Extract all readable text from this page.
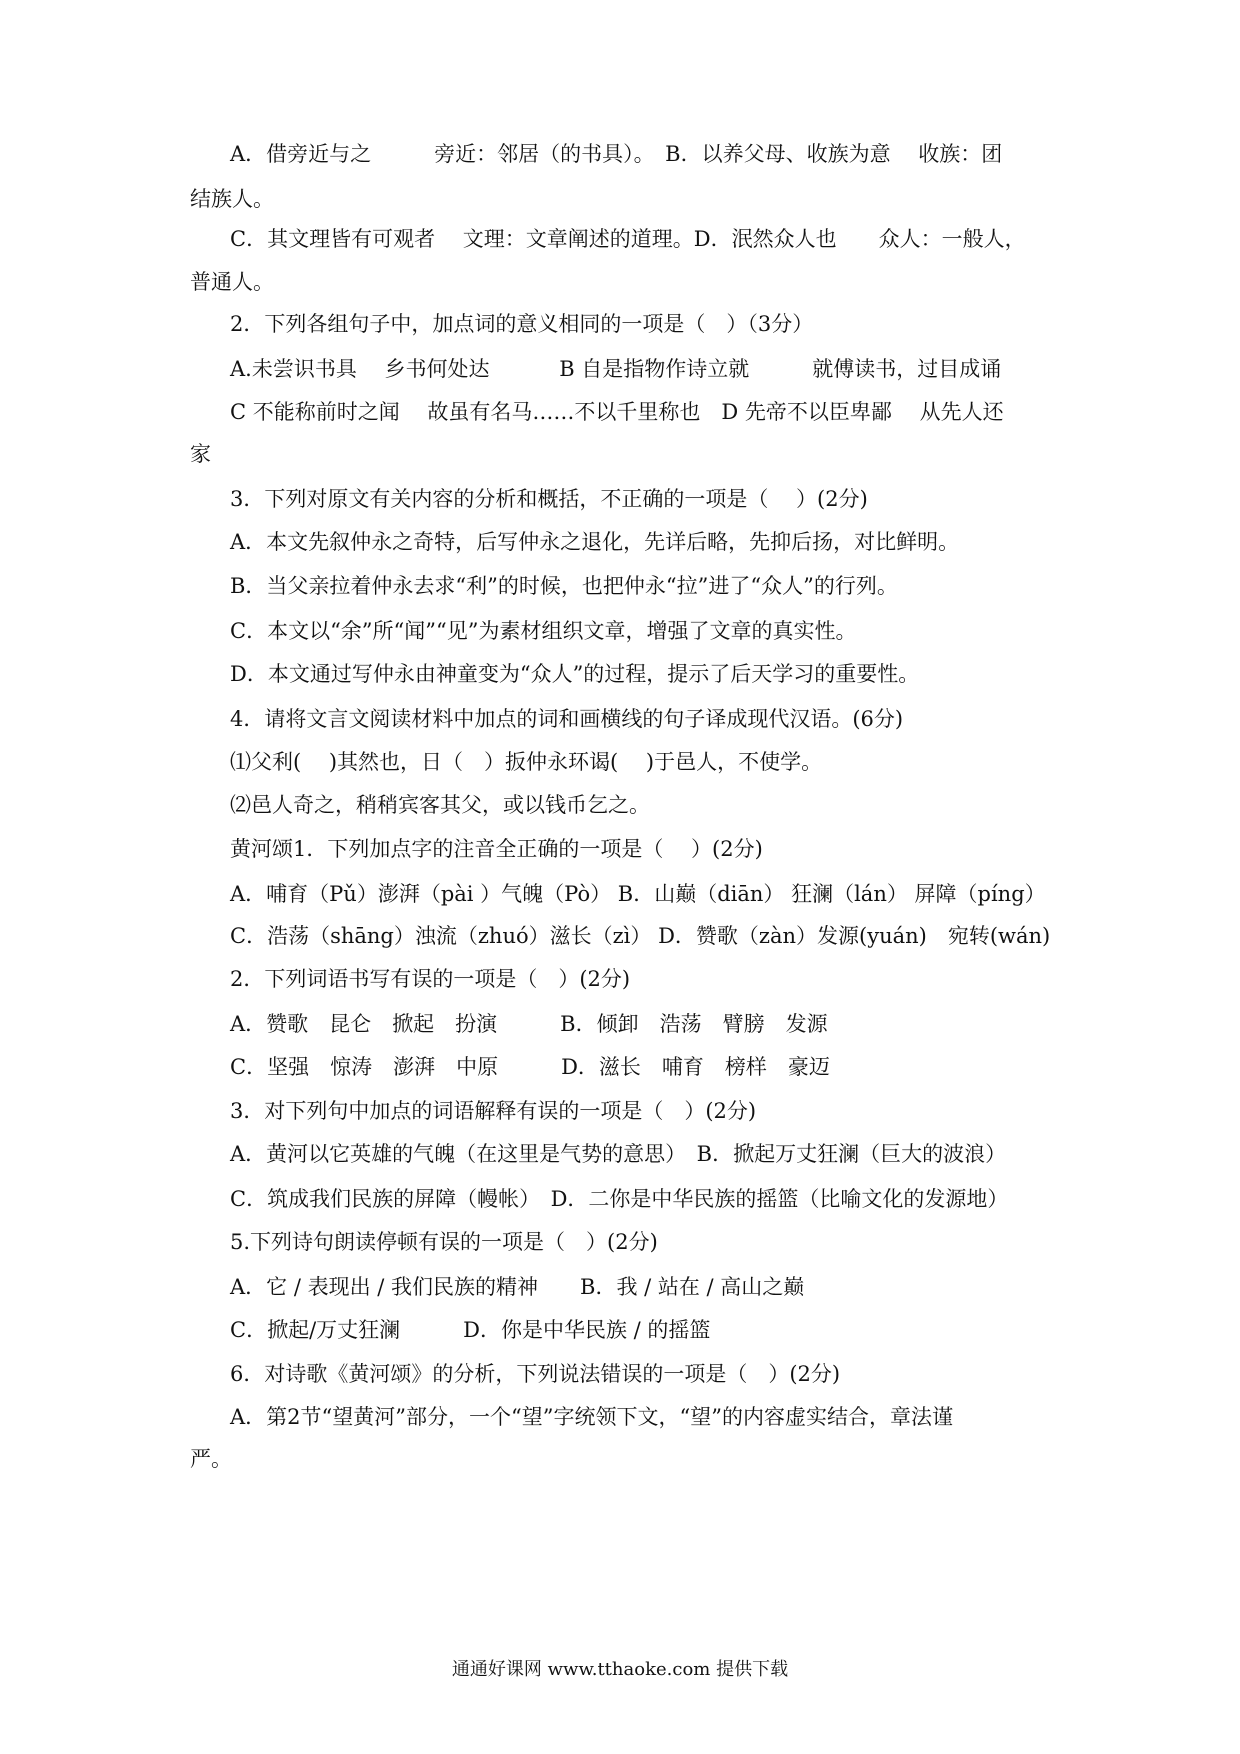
A．借旁近与之　　　旁近：邻居（的书具）。　B．以养父母、收族为意　 收族：团
结族人。
C．其文理皆有可观者　 文理：文章阐述的道理。D．泯然众人也　　众人：一般人，
普通人。
2．下列各组句子中，加点词的意义相同的一项是（　）（3分）
A.未尝识书具　 乡书何处达　　　 B 自是指物作诗立就　　　就傅读书，过目成诵
C 不能称前时之闻　 故虽有名马……不以千里称也　D 先帝不以臣卑鄙　 从先人还
家
3．下列对原文有关内容的分析和概括，不正确的一项是（　 ）(2分)
A．本文先叙仲永之奇特，后写仲永之退化，先详后略，先抑后扬，对比鲜明。
B．当父亲拉着仲永去求“利”的时候，也把仲永“拉”进了“众人”的行列。
C．本文以“余”所“闻”“见”为素材组织文章，增强了文章的真实性。
D．本文通过写仲永由神童变为“众人”的过程，提示了后天学习的重要性。
4．请将文言文阅读材料中加点的词和画横线的句子译成现代汉语。(6分)
⑴父利(　 )其然也，日（　）扳仲永环谒(　 )于邑人，不使学。
⑵邑人奇之，稍稍宾客其父，或以钱币乞之。
黄河颂1．下列加点字的注音全正确的一项是（　 ）(2分)
A．哺育（Pǔ）澎湃（pài ）气魄（Pò） B．山巅（diān） 狂澜（lán） 屏障（píng）
C．浩荡（shāng）浊流（zhuó）滋长（zì） D．赞歌（zàn）发源(yuán)　宛转(wán)
2．下列词语书写有误的一项是（　）(2分)
A．赞歌　昆仑　掀起　扮演　　　B．倾卸　浩荡　臂膀　发源
C．坚强　惊涛　澎湃　中原　　　D．滋长　哺育　榜样　豪迈
3．对下列句中加点的词语解释有误的一项是（　）(2分)
A．黄河以它英雄的气魄（在这里是气势的意思）　B．掀起万丈狂澜（巨大的波浪）
C．筑成我们民族的屏障（幔帐）　D．二你是中华民族的摇篮（比喻文化的发源地）
5.下列诗句朗读停顿有误的一项是（　）(2分)
A．它 / 表现出 / 我们民族的精神　　B．我 / 站在 / 高山之巅
C．掀起/万丈狂澜　　　D．你是中华民族 / 的摇篮
6．对诗歌《黄河颂》的分析，下列说法错误的一项是（　）(2分)
A．第2节“望黄河”部分，一个“望”字统领下文，“望”的内容虚实结合，章法谨
严。
通通好课网 www.tthaoke.com 提供下载
